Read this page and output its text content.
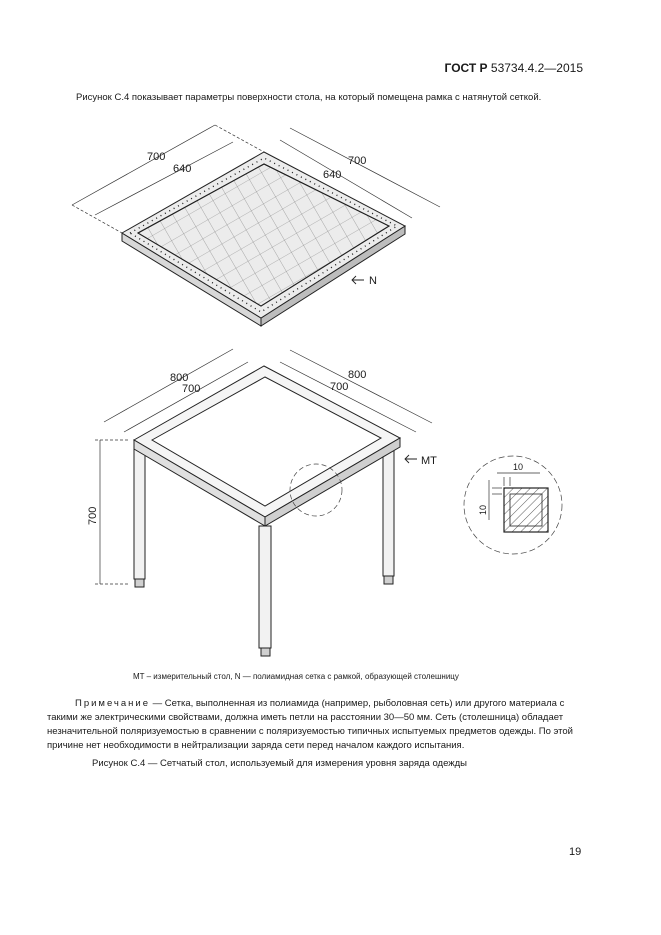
ГОСТ Р 53734.4.2—2015
Рисунок С.4 показывает параметры поверхности стола, на который помещена рамка с натянутой сеткой.
700
640
700
640
N
800
700
800
700
700
MT	10
10
MT – измерительный стол, N — полиамидная сетка с рамкой, образующей столешницу
Примечание — Сетка, выполненная из полиамида (например, рыболовная сеть) или другого материала с такими же электрическими свойствами, должна иметь петли на расстоянии 30—50 мм. Сеть (столешница) обладает незначительной поляризуемостью в сравнении с поляризуемостью типичных испытуемых предметов одежды. По этой причине нет необходимости в нейтрализации заряда сети перед началом каждого испытания.
Рисунок С.4 — Сетчатый стол, используемый для измерения уровня заряда одежды
19
